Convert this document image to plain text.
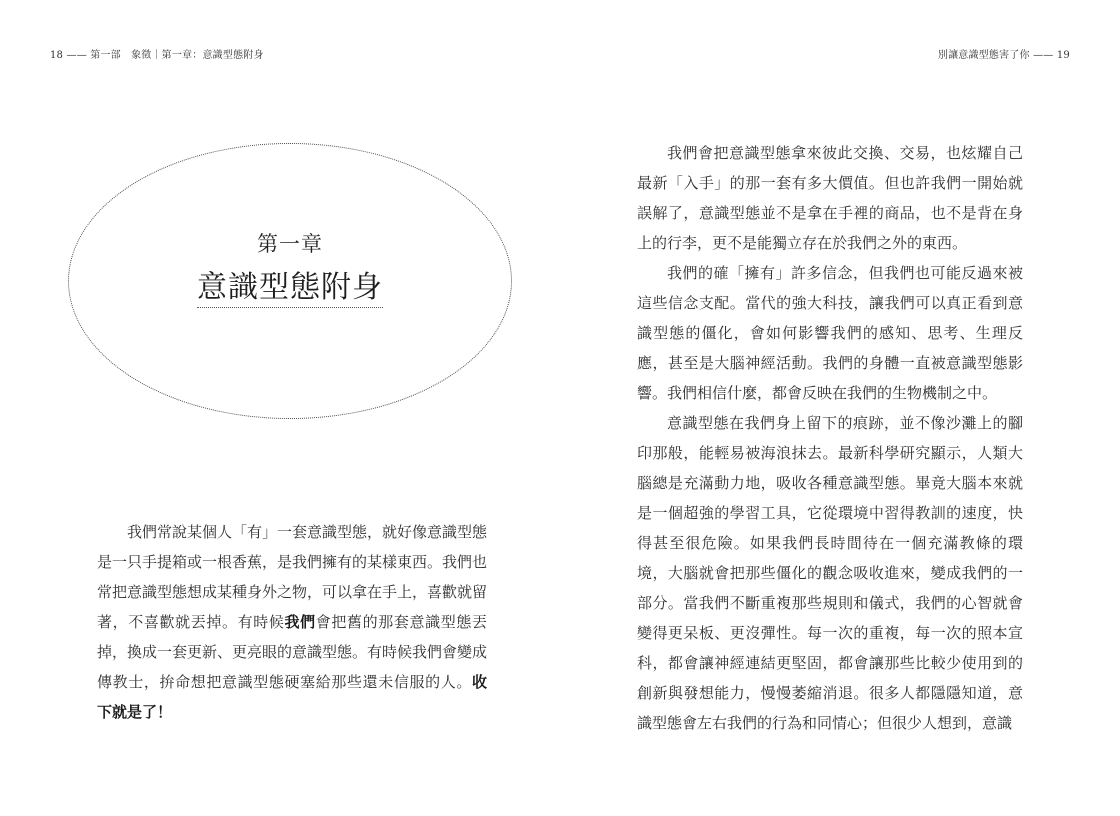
18 —— 第一部　象徵｜第一章：意識型態附身
第一章
意識型態附身

我們常說某個人「有」一套意識型態，就好像意識型態是一只手提箱或一根香蕉，是我們擁有的某樣東西。我們也常把意識型態想成某種身外之物，可以拿在手上，喜歡就留著，不喜歡就丟掉。有時候我們會把舊的那套意識型態丟掉，換成一套更新、更亮眼的意識型態。有時候我們會變成傳教士，拚命想把意識型態硬塞給那些還未信服的人。收下就是了！

別讓意識型態害了你 —— 19

我們會把意識型態拿來彼此交換、交易，也炫耀自己最新「入手」的那一套有多大價值。但也許我們一開始就誤解了，意識型態並不是拿在手裡的商品，也不是背在身上的行李，更不是能獨立存在於我們之外的東西。

我們的確「擁有」許多信念，但我們也可能反過來被這些信念支配。當代的強大科技，讓我們可以真正看到意識型態的僵化，會如何影響我們的感知、思考、生理反應，甚至是大腦神經活動。我們的身體一直被意識型態影響。我們相信什麼，都會反映在我們的生物機制之中。

意識型態在我們身上留下的痕跡，並不像沙灘上的腳印那般，能輕易被海浪抹去。最新科學研究顯示，人類大腦總是充滿動力地，吸收各種意識型態。畢竟大腦本來就是一個超強的學習工具，它從環境中習得教訓的速度，快得甚至很危險。如果我們長時間待在一個充滿教條的環境，大腦就會把那些僵化的觀念吸收進來，變成我們的一部分。當我們不斷重複那些規則和儀式，我們的心智就會變得更呆板、更沒彈性。每一次的重複，每一次的照本宣科，都會讓神經連結更堅固，都會讓那些比較少使用到的創新與發想能力，慢慢萎縮消退。很多人都隱隱知道，意識型態會左右我們的行為和同情心；但很少人想到，意識
